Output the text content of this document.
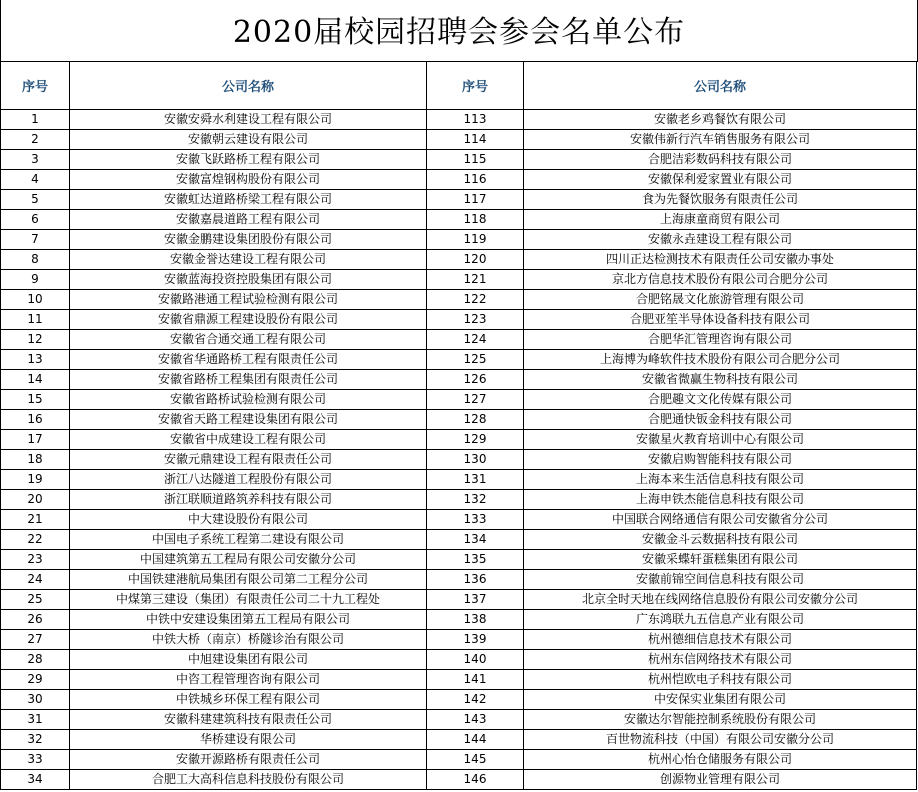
2020届校园招聘会参会名单公布
序号	公司名称	序号	公司名称
1	安徽安舜水利建设工程有限公司	113	安徽老乡鸡餐饮有限公司
2	安徽朝云建设有限公司	114	安徽伟新行汽车销售服务有限公司
3	安徽飞跃路桥工程有限公司	115	合肥洁彩数码科技有限公司
4	安徽富煌钢构股份有限公司	116	安徽保利爱家置业有限公司
5	安徽虹达道路桥梁工程有限公司	117	食为先餐饮服务有限责任公司
6	安徽嘉晨道路工程有限公司	118	上海康童商贸有限公司
7	安徽金鹏建设集团股份有限公司	119	安徽永垚建设工程有限公司
8	安徽金誉达建设工程有限公司	120	四川正达检测技术有限责任公司安徽办事处
9	安徽蓝海投资控股集团有限公司	121	京北方信息技术股份有限公司合肥分公司
10	安徽路港通工程试验检测有限公司	122	合肥铭晟文化旅游管理有限公司
11	安徽省鼎源工程建设股份有限公司	123	合肥亚笙半导体设备科技有限公司
12	安徽省合通交通工程有限公司	124	合肥华汇管理咨询有限公司
13	安徽省华通路桥工程有限责任公司	125	上海博为峰软件技术股份有限公司合肥分公司
14	安徽省路桥工程集团有限责任公司	126	安徽省微赢生物科技有限公司
15	安徽省路桥试验检测有限公司	127	合肥趣文文化传媒有限公司
16	安徽省天路工程建设集团有限公司	128	合肥通快钣金科技有限公司
17	安徽省中成建设工程有限公司	129	安徽星火教育培训中心有限公司
18	安徽元鼎建设工程有限责任公司	130	安徽启购智能科技有限公司
19	浙江八达隧道工程股份有限公司	131	上海本来生活信息科技有限公司
20	浙江联顺道路筑养科技有限公司	132	上海申铁杰能信息科技有限公司
21	中大建设股份有限公司	133	中国联合网络通信有限公司安徽省分公司
22	中国电子系统工程第二建设有限公司	134	安徽金斗云数据科技有限公司
23	中国建筑第五工程局有限公司安徽分公司	135	安徽采蝶轩蛋糕集团有限公司
24	中国铁建港航局集团有限公司第二工程分公司	136	安徽前锦空间信息科技有限公司
25	中煤第三建设（集团）有限责任公司二十九工程处	137	北京全时天地在线网络信息股份有限公司安徽分公司
26	中铁中安建设集团第五工程局有限公司	138	广东鸿联九五信息产业有限公司
27	中铁大桥（南京）桥隧诊治有限公司	139	杭州德细信息技术有限公司
28	中旭建设集团有限公司	140	杭州东信网络技术有限公司
29	中咨工程管理咨询有限公司	141	杭州恺欧电子科技有限公司
30	中铁城乡环保工程有限公司	142	中安保实业集团有限公司
31	安徽科建建筑科技有限责任公司	143	安徽达尔智能控制系统股份有限公司
32	华桥建设有限公司	144	百世物流科技（中国）有限公司安徽分公司
33	安徽开源路桥有限责任公司	145	杭州心怡仓储服务有限公司
34	合肥工大高科信息科技股份有限公司	146	创源物业管理有限公司
